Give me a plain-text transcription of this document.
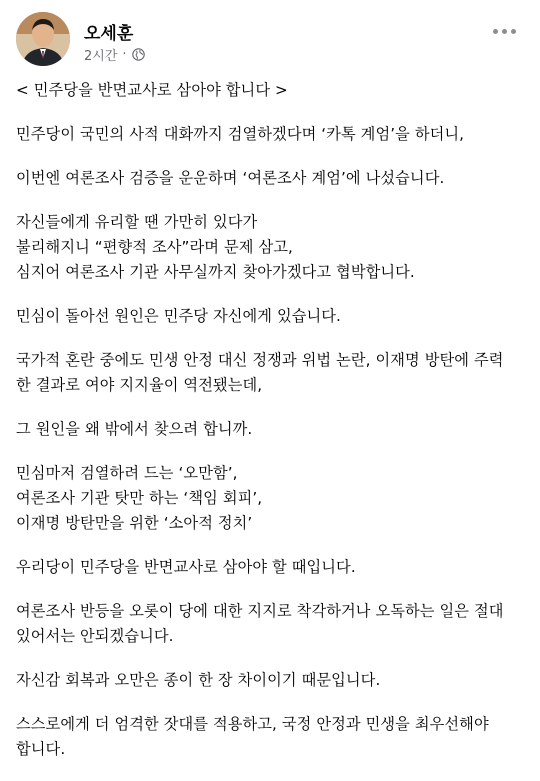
오세훈
2시간 ·
< 민주당을 반면교사로 삼아야 합니다 >
민주당이 국민의 사적 대화까지 검열하겠다며 ‘카톡 계엄’을 하더니,
이번엔 여론조사 검증을 운운하며 ‘여론조사 계엄’에 나섰습니다.
자신들에게 유리할 땐 가만히 있다가
불리해지니 “편향적 조사”라며 문제 삼고,
심지어 여론조사 기관 사무실까지 찾아가겠다고 협박합니다.
민심이 돌아선 원인은 민주당 자신에게 있습니다.
국가적 혼란 중에도 민생 안정 대신 정쟁과 위법 논란, 이재명 방탄에 주력
한 결과로 여야 지지율이 역전됐는데,
그 원인을 왜 밖에서 찾으려 합니까.
민심마저 검열하려 드는 ‘오만함’,
여론조사 기관 탓만 하는 ‘책임 회피’,
이재명 방탄만을 위한 ‘소아적 정치’
우리당이 민주당을 반면교사로 삼아야 할 때입니다.
여론조사 반등을 오롯이 당에 대한 지지로 착각하거나 오독하는 일은 절대
있어서는 안되겠습니다.
자신감 회복과 오만은 종이 한 장 차이이기 때문입니다.
스스로에게 더 엄격한 잣대를 적용하고, 국정 안정과 민생을 최우선해야
합니다.
